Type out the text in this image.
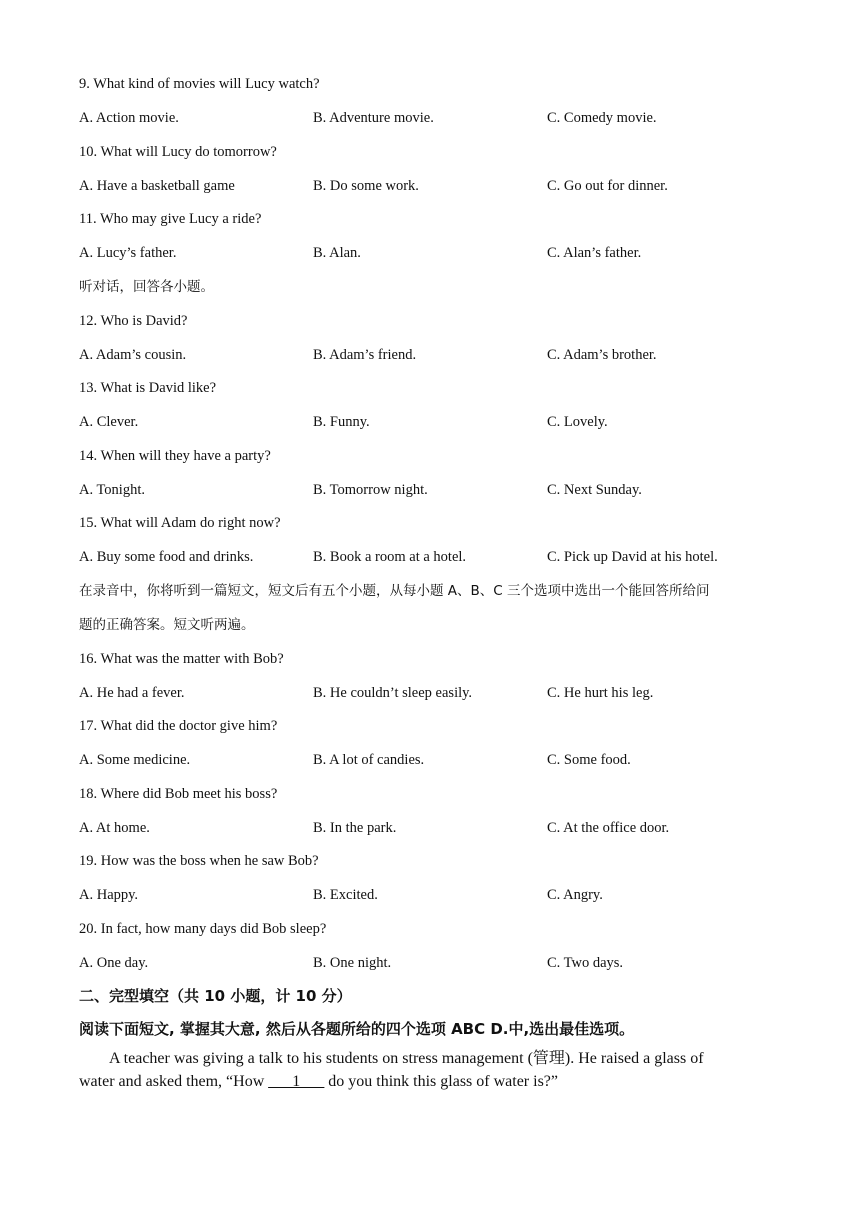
9. What kind of movies will Lucy watch?
A. Action movie.	B. Adventure movie.	C. Comedy movie.
10. What will Lucy do tomorrow?
A. Have a basketball game	B. Do some work.	C. Go out for dinner.
11. Who may give Lucy a ride?
A. Lucy’s father.	B. Alan.	C. Alan’s father.
听对话，回答各小题。
12. Who is David?
A. Adam’s cousin.	B. Adam’s friend.	C. Adam’s brother.
13. What is David like?
A. Clever.	B. Funny.	C. Lovely.
14. When will they have a party?
A. Tonight.	B. Tomorrow night.	C. Next Sunday.
15. What will Adam do right now?
A. Buy some food and drinks.	B. Book a room at a hotel.	C. Pick up David at his hotel.
在录音中，你将听到一篇短文，短文后有五个小题，从每小题 A、B、C 三个选项中选出一个能回答所给问
题的正确答案。短文听两遍。
16. What was the matter with Bob?
A. He had a fever.	B. He couldn’t sleep easily.	C. He hurt his leg.
17. What did the doctor give him?
A. Some medicine.	B. A lot of candies.	C. Some food.
18. Where did Bob meet his boss?
A. At home.	B. In the park.	C. At the office door.
19. How was the boss when he saw Bob?
A. Happy.	B. Excited.	C. Angry.
20. In fact, how many days did Bob sleep?
A. One day.	B. One night.	C. Two days.
二、完型填空（共 10 小题，计 10 分）
阅读下面短文, 掌握其大意, 然后从各题所给的四个选项 ABC D.中,选出最佳选项。
A teacher was giving a talk to his students on stress management (管理). He raised a glass of
water and asked them, “How ___1___ do you think this glass of water is?”
